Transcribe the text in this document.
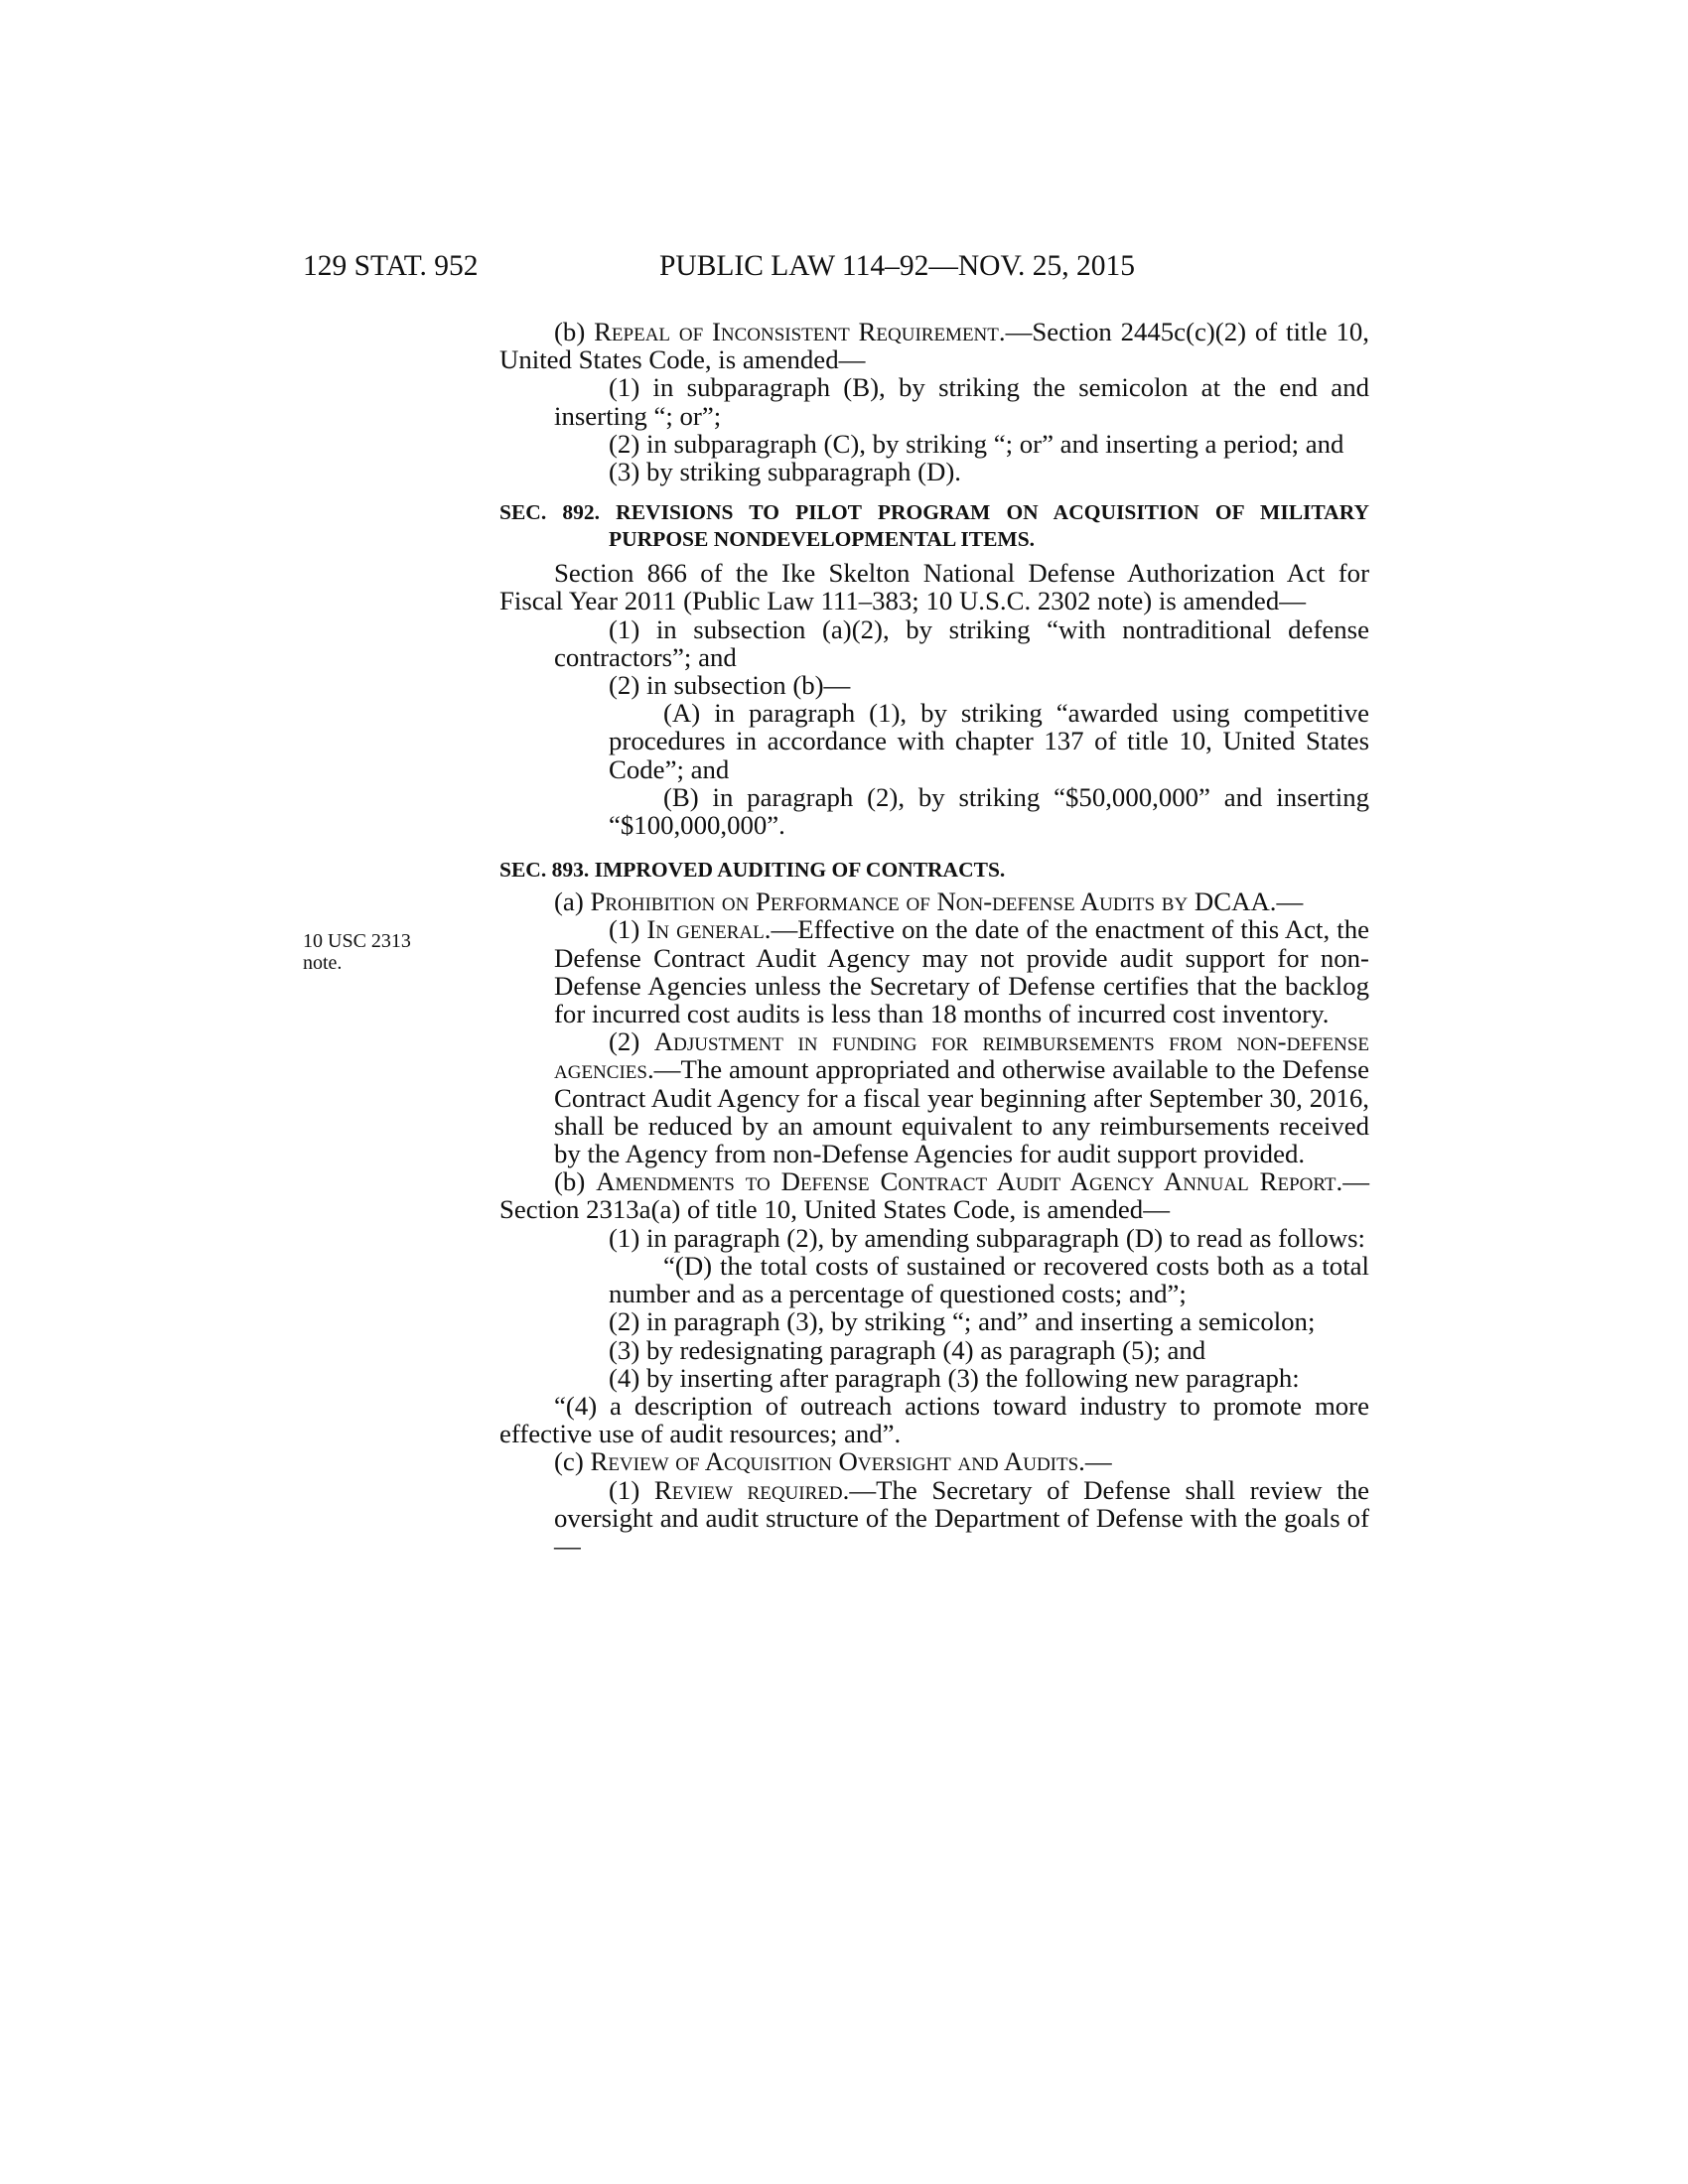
129 STAT. 952	PUBLIC LAW 114–92—NOV. 25, 2015
10 USC 2313
note.

(b) Repeal of Inconsistent Requirement.—Section 2445c(c)(2) of title 10, United States Code, is amended—

(1) in subparagraph (B), by striking the semicolon at the end and inserting “; or”;

(2) in subparagraph (C), by striking “; or” and inserting a period; and

(3) by striking subparagraph (D).

SEC. 892. REVISIONS TO PILOT PROGRAM ON ACQUISITION OF MILITARY PURPOSE NONDEVELOPMENTAL ITEMS.

Section 866 of the Ike Skelton National Defense Authorization Act for Fiscal Year 2011 (Public Law 111–383; 10 U.S.C. 2302 note) is amended—

(1) in subsection (a)(2), by striking “with nontraditional defense contractors”; and

(2) in subsection (b)—

(A) in paragraph (1), by striking “awarded using competitive procedures in accordance with chapter 137 of title 10, United States Code”; and

(B) in paragraph (2), by striking “$50,000,000” and inserting “$100,000,000”.

SEC. 893. IMPROVED AUDITING OF CONTRACTS.

(a) Prohibition on Performance of Non-defense Audits by DCAA.—

(1) In general.—Effective on the date of the enactment of this Act, the Defense Contract Audit Agency may not provide audit support for non-Defense Agencies unless the Secretary of Defense certifies that the backlog for incurred cost audits is less than 18 months of incurred cost inventory.

(2) Adjustment in funding for reimbursements from non-defense agencies.—The amount appropriated and otherwise available to the Defense Contract Audit Agency for a fiscal year beginning after September 30, 2016, shall be reduced by an amount equivalent to any reimbursements received by the Agency from non-Defense Agencies for audit support provided.

(b) Amendments to Defense Contract Audit Agency Annual Report.—Section 2313a(a) of title 10, United States Code, is amended—

(1) in paragraph (2), by amending subparagraph (D) to read as follows:

“(D) the total costs of sustained or recovered costs both as a total number and as a percentage of questioned costs; and”;

(2) in paragraph (3), by striking “; and” and inserting a semicolon;

(3) by redesignating paragraph (4) as paragraph (5); and

(4) by inserting after paragraph (3) the following new paragraph:

“(4) a description of outreach actions toward industry to promote more effective use of audit resources; and”.

(c) Review of Acquisition Oversight and Audits.—

(1) Review required.—The Secretary of Defense shall review the oversight and audit structure of the Department of Defense with the goals of—
